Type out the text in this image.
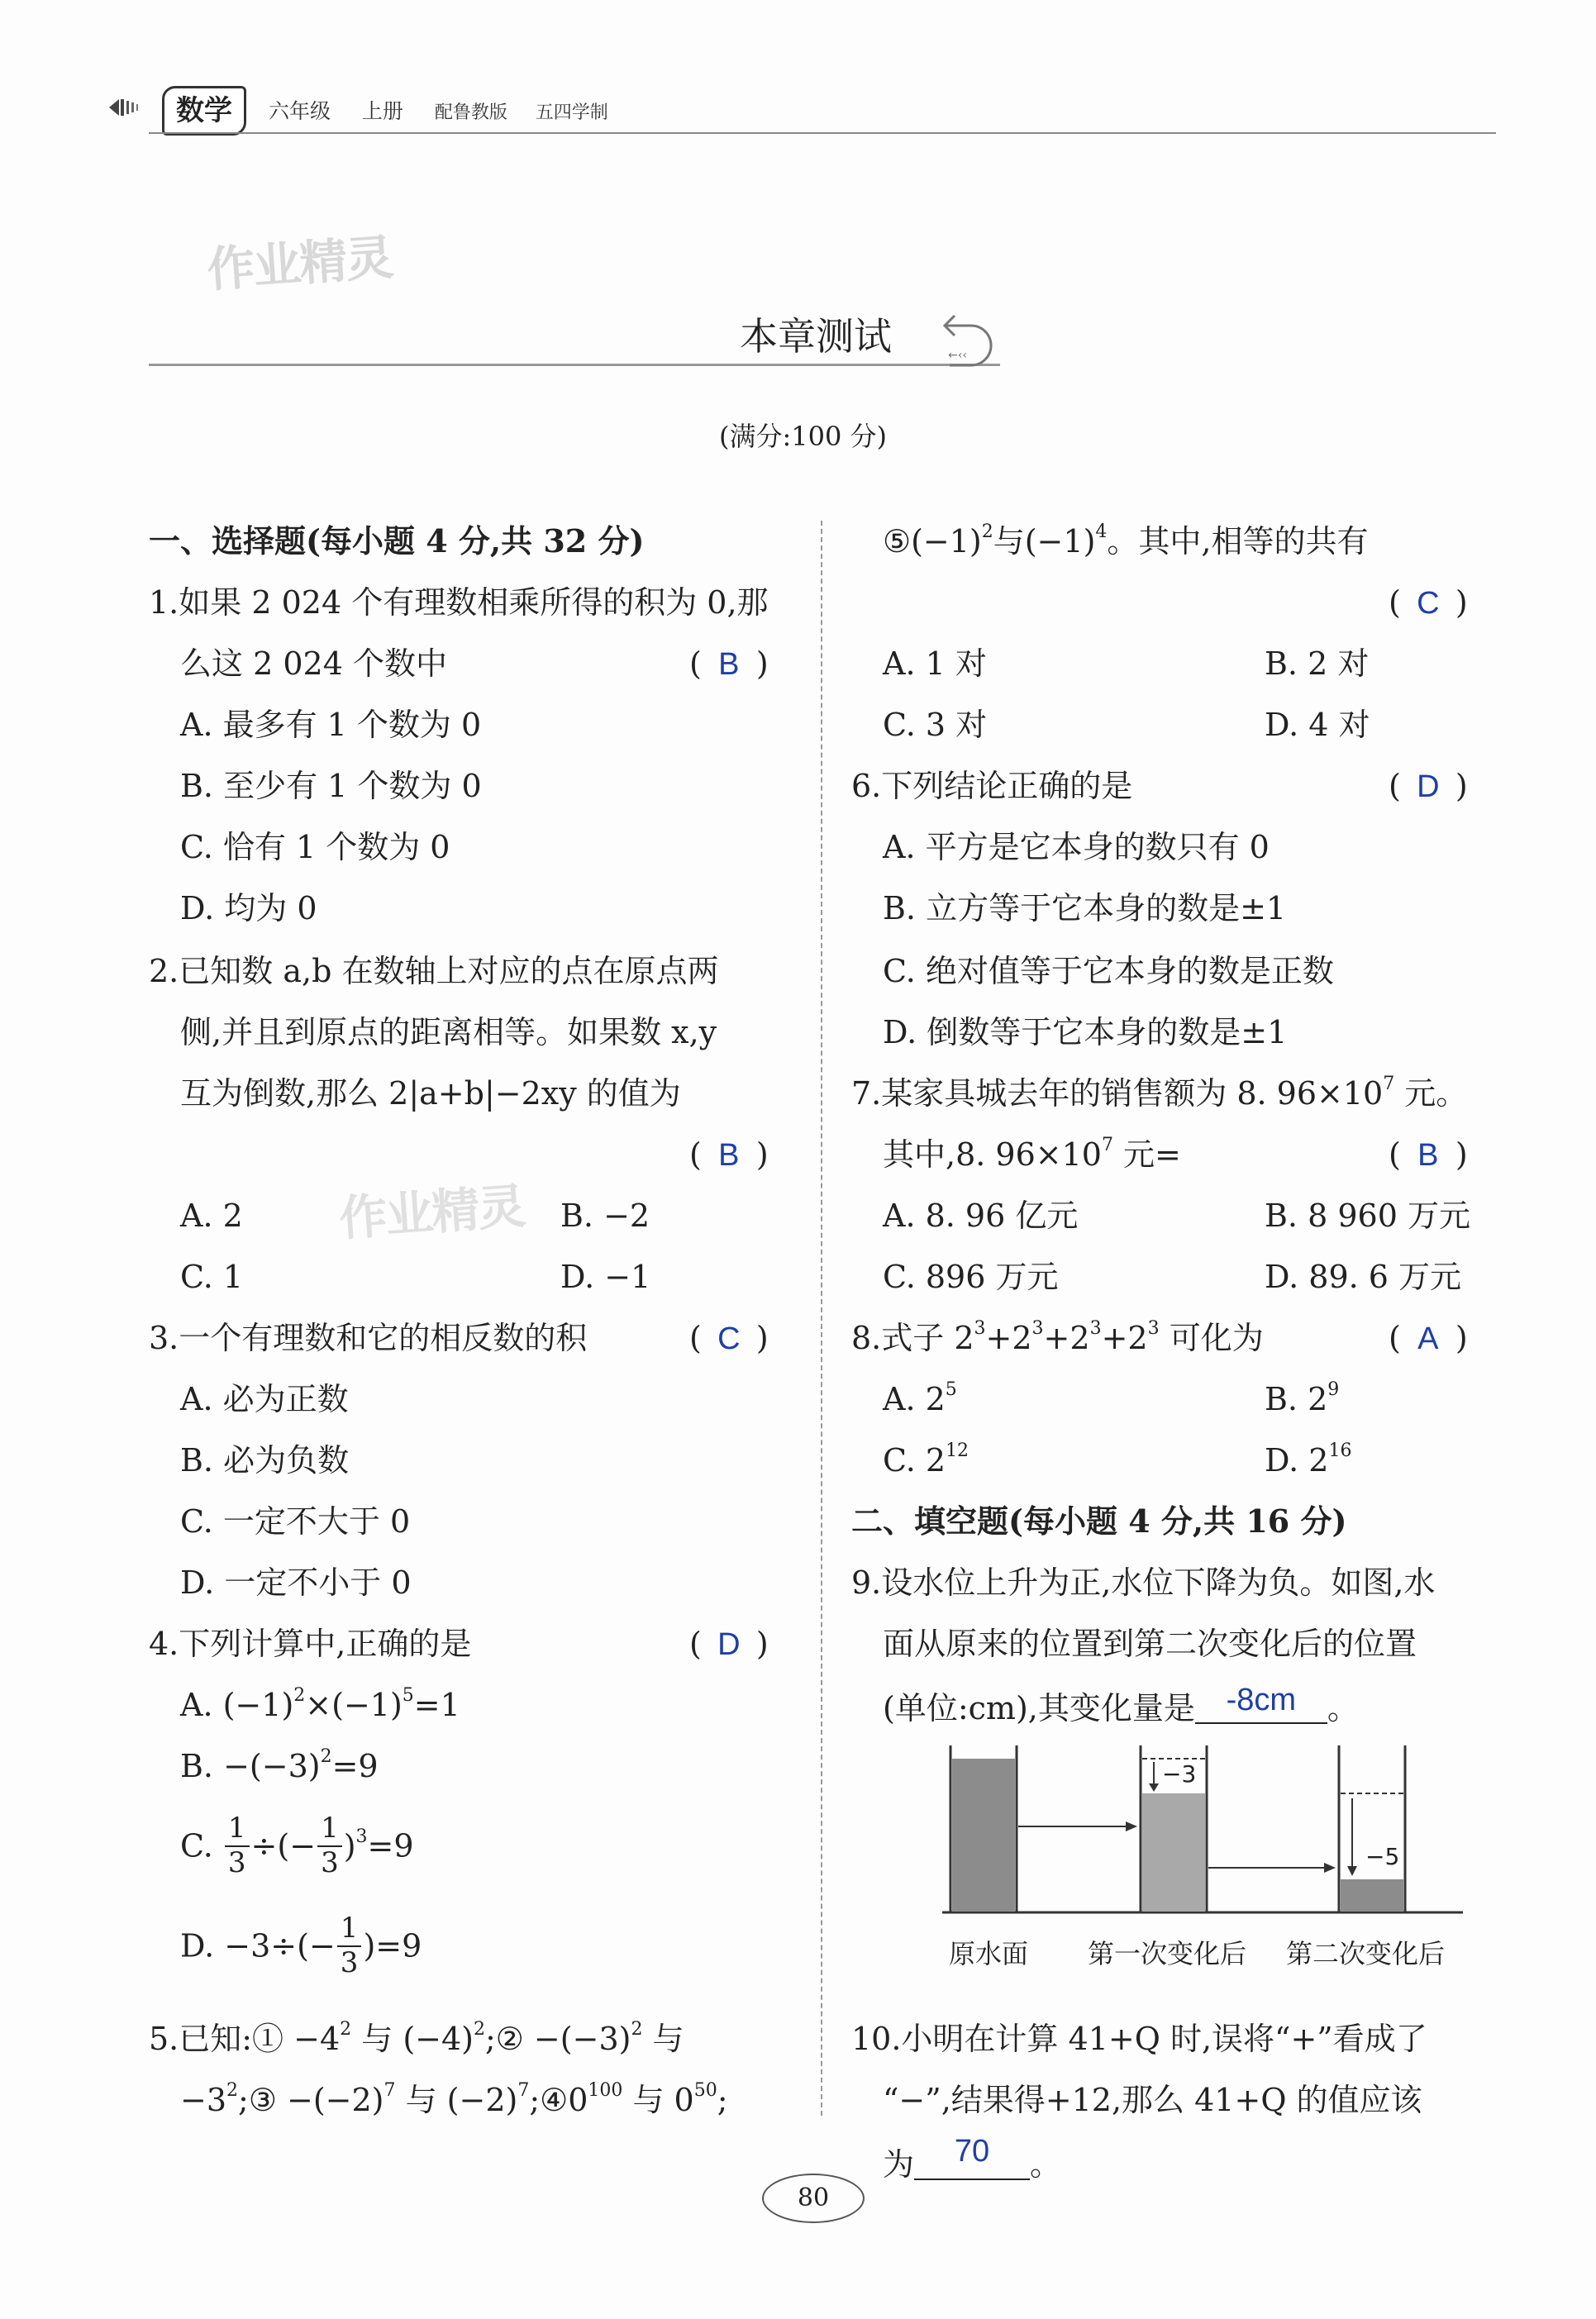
数学	六年级 上册 配鲁教版 五四学制
作业精灵
作业精灵
本章测试	←‹‹
(满分:100 分)
一、选择题(每小题 4 分,共 32 分)
1.如果 2 024 个有理数相乘所得的积为 0,那
么这 2 024 个数中	( B )
A. 最多有 1 个数为 0
B. 至少有 1 个数为 0
C. 恰有 1 个数为 0
D. 均为 0
2.已知数 a,b 在数轴上对应的点在原点两
侧,并且到原点的距离相等。如果数 x,y
互为倒数,那么 2|a+b|−2xy 的值为
( B )
A. 2	B. −2
C. 1	D. −1
3.一个有理数和它的相反数的积	( C )
A. 必为正数
B. 必为负数
C. 一定不大于 0
D. 一定不小于 0
4.下列计算中,正确的是	( D )
A. $(-1)^2\times(-1)^5=1$
B. $-(-3)^2=9$
C. $\frac{1}{3}$ ÷(− $\frac{1}{3} )^3=9$
D. $-3\div(- \frac{1}{3} )=9$
5.已知:① $-4^2$ 与 $(-4)^2;② -(-3)^2$ 与
$-3^2;③ -(-2)^7$ 与 $(-2)^7;④0^{100}$ 与 $0^{50}$;
$⑤(-1)^2$与$(-1)^4$。其中,相等的共有
( C )
A. 1 对	B. 2 对
C. 3 对	D. 4 对
6.下列结论正确的是	( D )
A. 平方是它本身的数只有 0
B. 立方等于它本身的数是±1
C. 绝对值等于它本身的数是正数
D. 倒数等于它本身的数是±1
7.某家具城去年的销售额为 8. $96\times 10^7$ 元。
其中,8. $96\times 10^7$ 元=	( B )
A. 8. 96 亿元	B. 8 960 万元
C. 896 万元	D. 89. 6 万元
8.式子 $2^3+2^3+2^3+2^3$ 可化为	( A )
A. $2^5$	B. $2^9$
C. $2^{12}$	D. $2^{16}$
二、填空题(每小题 4 分,共 16 分)
9.设水位上升为正,水位下降为负。如图,水
面从原来的位置到第二次变化后的位置
(单位:cm),其变化量是 -8cm 。
−3
−5
原水面 第一次变化后 第二次变化后
10.小明在计算 41+Q 时,误将“+”看成了
“−”,结果得+12,那么 41+Q 的值应该
为 70 。
80
